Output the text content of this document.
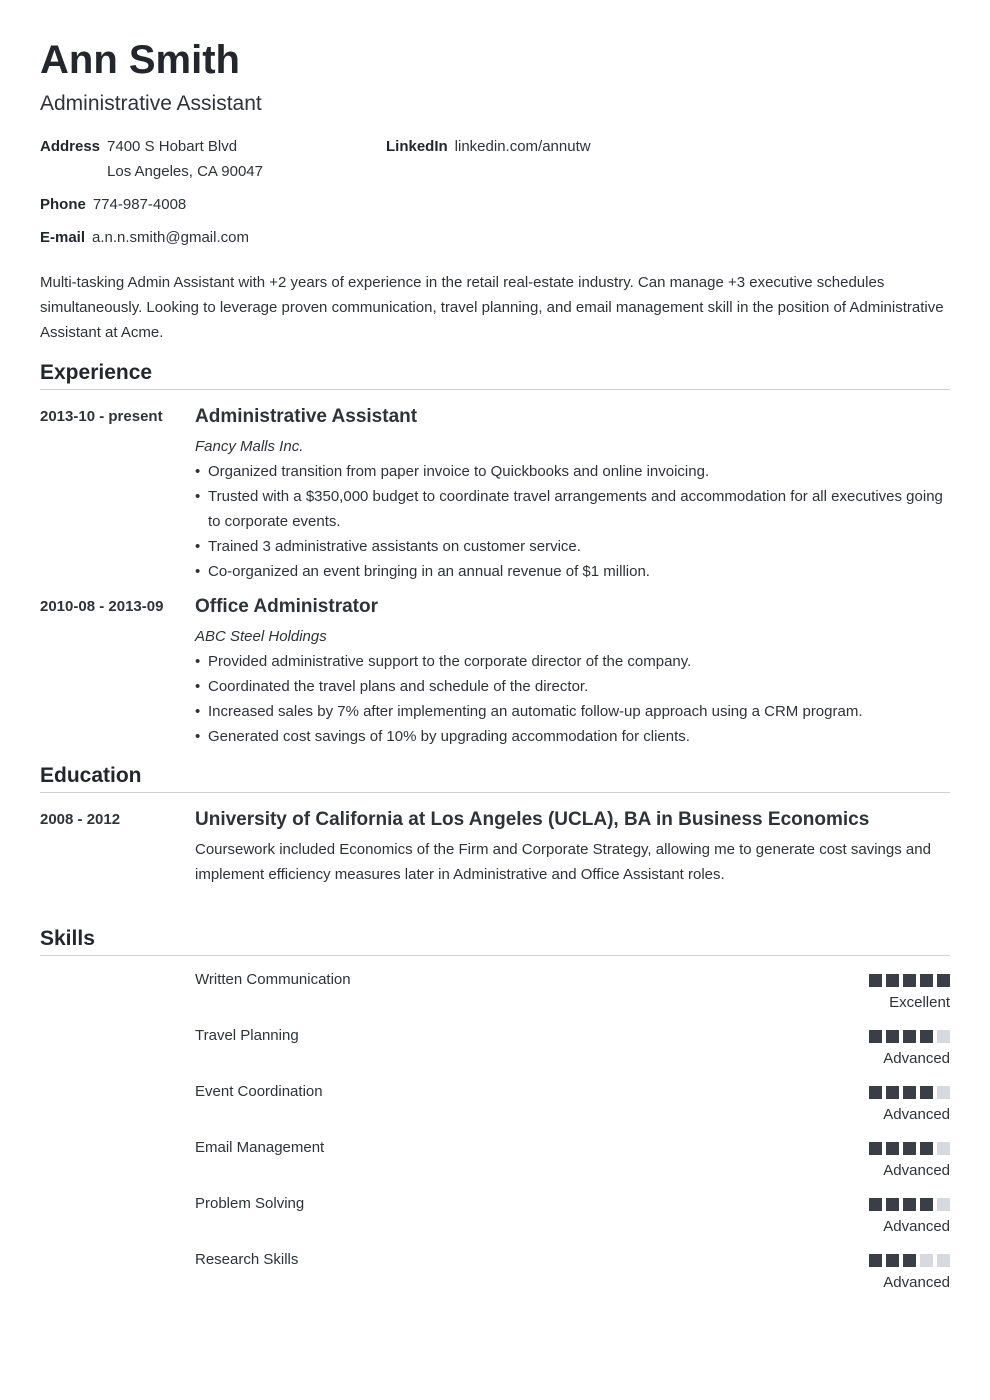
Ann Smith
Administrative Assistant
Address 7400 S Hobart Blvd
Los Angeles, CA 90047
LinkedIn linkedin.com/annutw
Phone 774-987-4008
E-mail a.n.n.smith@gmail.com
Multi-tasking Admin Assistant with +2 years of experience in the retail real-estate industry. Can manage +3 executive schedules simultaneously. Looking to leverage proven communication, travel planning, and email management skill in the position of Administrative Assistant at Acme.
Experience
2013-10 - present	Administrative Assistant
Fancy Malls Inc.
• Organized transition from paper invoice to Quickbooks and online invoicing.
• Trusted with a $350,000 budget to coordinate travel arrangements and accommodation for all executives going to corporate events.
• Trained 3 administrative assistants on customer service.
• Co-organized an event bringing in an annual revenue of $1 million.
2010-08 - 2013-09	Office Administrator
ABC Steel Holdings
• Provided administrative support to the corporate director of the company.
• Coordinated the travel plans and schedule of the director.
• Increased sales by 7% after implementing an automatic follow-up approach using a CRM program.
• Generated cost savings of 10% by upgrading accommodation for clients.
Education
2008 - 2012	University of California at Los Angeles (UCLA), BA in Business Economics
Coursework included Economics of the Firm and Corporate Strategy, allowing me to generate cost savings and implement efficiency measures later in Administrative and Office Assistant roles.
Skills
Written Communication
Excellent
Travel Planning
Advanced
Event Coordination
Advanced
Email Management
Advanced
Problem Solving
Advanced
Research Skills
Advanced
